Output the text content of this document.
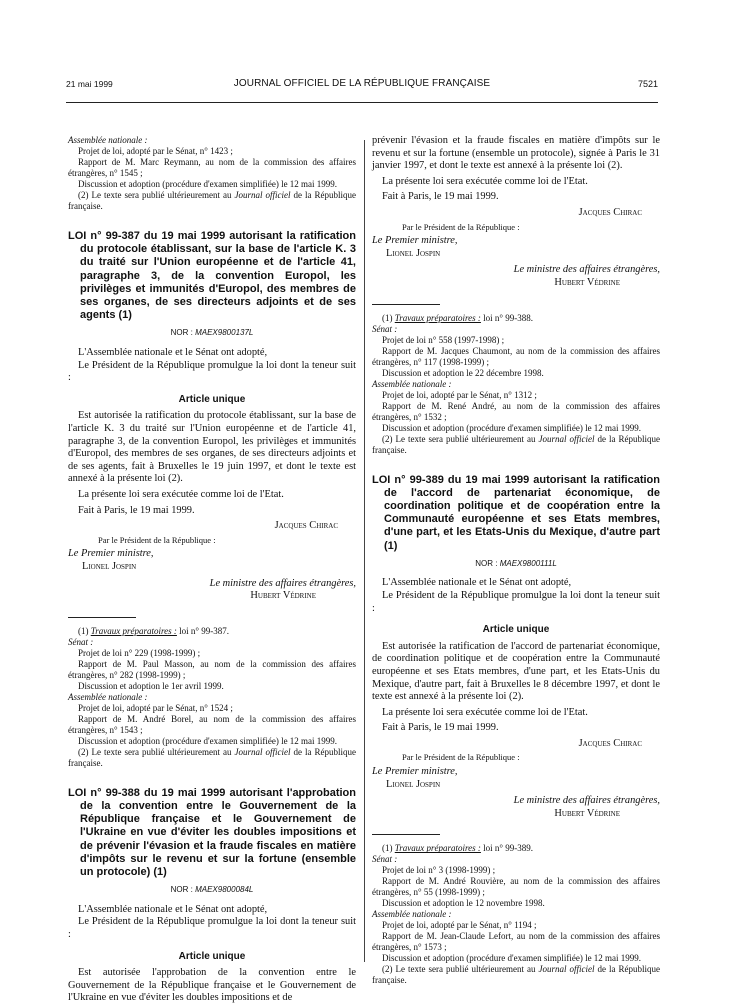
21 mai 1999	JOURNAL OFFICIEL DE LA RÉPUBLIQUE FRANÇAISE	7521

Assemblée nationale :

Projet de loi, adopté par le Sénat, n° 1423 ;

Rapport de M. Marc Reymann, au nom de la commission des affaires étrangères, n° 1545 ;

Discussion et adoption (procédure d'examen simplifiée) le 12 mai 1999.

(2) Le texte sera publié ultérieurement au Journal officiel de la République française.

LOI n° 99-387 du 19 mai 1999 autorisant la ratification du protocole établissant, sur la base de l'article K. 3 du traité sur l'Union européenne et de l'article 41, paragraphe 3, de la convention Europol, les privilèges et immunités d'Europol, des membres de ses organes, de ses directeurs adjoints et de ses agents (1)

NOR : MAEX9800137L

L'Assemblée nationale et le Sénat ont adopté,

Le Président de la République promulgue la loi dont la teneur suit :

Article unique

Est autorisée la ratification du protocole établissant, sur la base de l'article K. 3 du traité sur l'Union européenne et de l'article 41, paragraphe 3, de la convention Europol, les privilèges et immunités d'Europol, des membres de ses organes, de ses directeurs adjoints et de ses agents, fait à Bruxelles le 19 juin 1997, et dont le texte est annexé à la présente loi (2).

La présente loi sera exécutée comme loi de l'Etat.

Fait à Paris, le 19 mai 1999.

Jacques Chirac

Par le Président de la République :

Le Premier ministre,

Lionel Jospin

Le ministre des affaires étrangères,

Hubert Védrine

(1) Travaux préparatoires : loi n° 99-387.

Sénat :

Projet de loi n° 229 (1998-1999) ;

Rapport de M. Paul Masson, au nom de la commission des affaires étrangères, n° 282 (1998-1999) ;

Discussion et adoption le 1er avril 1999.

Assemblée nationale :

Projet de loi, adopté par le Sénat, n° 1524 ;

Rapport de M. André Borel, au nom de la commission des affaires étrangères, n° 1543 ;

Discussion et adoption (procédure d'examen simplifiée) le 12 mai 1999.

(2) Le texte sera publié ultérieurement au Journal officiel de la République française.

LOI n° 99-388 du 19 mai 1999 autorisant l'approbation de la convention entre le Gouvernement de la République française et le Gouvernement de l'Ukraine en vue d'éviter les doubles impositions et de prévenir l'évasion et la fraude fiscales en matière d'impôts sur le revenu et sur la fortune (ensemble un protocole) (1)

NOR : MAEX9800084L

L'Assemblée nationale et le Sénat ont adopté,

Le Président de la République promulgue la loi dont la teneur suit :

Article unique

Est autorisée l'approbation de la convention entre le Gouvernement de la République française et le Gouvernement de l'Ukraine en vue d'éviter les doubles impositions et de

prévenir l'évasion et la fraude fiscales en matière d'impôts sur le revenu et sur la fortune (ensemble un protocole), signée à Paris le 31 janvier 1997, et dont le texte est annexé à la présente loi (2).

La présente loi sera exécutée comme loi de l'Etat.

Fait à Paris, le 19 mai 1999.

Jacques Chirac

Par le Président de la République :

Le Premier ministre,

Lionel Jospin

Le ministre des affaires étrangères,

Hubert Védrine

(1) Travaux préparatoires : loi n° 99-388.

Sénat :

Projet de loi n° 558 (1997-1998) ;

Rapport de M. Jacques Chaumont, au nom de la commission des affaires étrangères, n° 117 (1998-1999) ;

Discussion et adoption le 22 décembre 1998.

Assemblée nationale :

Projet de loi, adopté par le Sénat, n° 1312 ;

Rapport de M. René André, au nom de la commission des affaires étrangères, n° 1532 ;

Discussion et adoption (procédure d'examen simplifiée) le 12 mai 1999.

(2) Le texte sera publié ultérieurement au Journal officiel de la République française.

LOI n° 99-389 du 19 mai 1999 autorisant la ratification de l'accord de partenariat économique, de coordination politique et de coopération entre la Communauté européenne et ses Etats membres, d'une part, et les Etats-Unis du Mexique, d'autre part (1)

NOR : MAEX9800111L

L'Assemblée nationale et le Sénat ont adopté,

Le Président de la République promulgue la loi dont la teneur suit :

Article unique

Est autorisée la ratification de l'accord de partenariat économique, de coordination politique et de coopération entre la Communauté européenne et ses Etats membres, d'une part, et les Etats-Unis du Mexique, d'autre part, fait à Bruxelles le 8 décembre 1997, et dont le texte est annexé à la présente loi (2).

La présente loi sera exécutée comme loi de l'Etat.

Fait à Paris, le 19 mai 1999.

Jacques Chirac

Par le Président de la République :

Le Premier ministre,

Lionel Jospin

Le ministre des affaires étrangères,

Hubert Védrine

(1) Travaux préparatoires : loi n° 99-389.

Sénat :

Projet de loi n° 3 (1998-1999) ;

Rapport de M. André Rouvière, au nom de la commission des affaires étrangères, n° 55 (1998-1999) ;

Discussion et adoption le 12 novembre 1998.

Assemblée nationale :

Projet de loi, adopté par le Sénat, n° 1194 ;

Rapport de M. Jean-Claude Lefort, au nom de la commission des affaires étrangères, n° 1573 ;

Discussion et adoption (procédure d'examen simplifiée) le 12 mai 1999.

(2) Le texte sera publié ultérieurement au Journal officiel de la République française.
